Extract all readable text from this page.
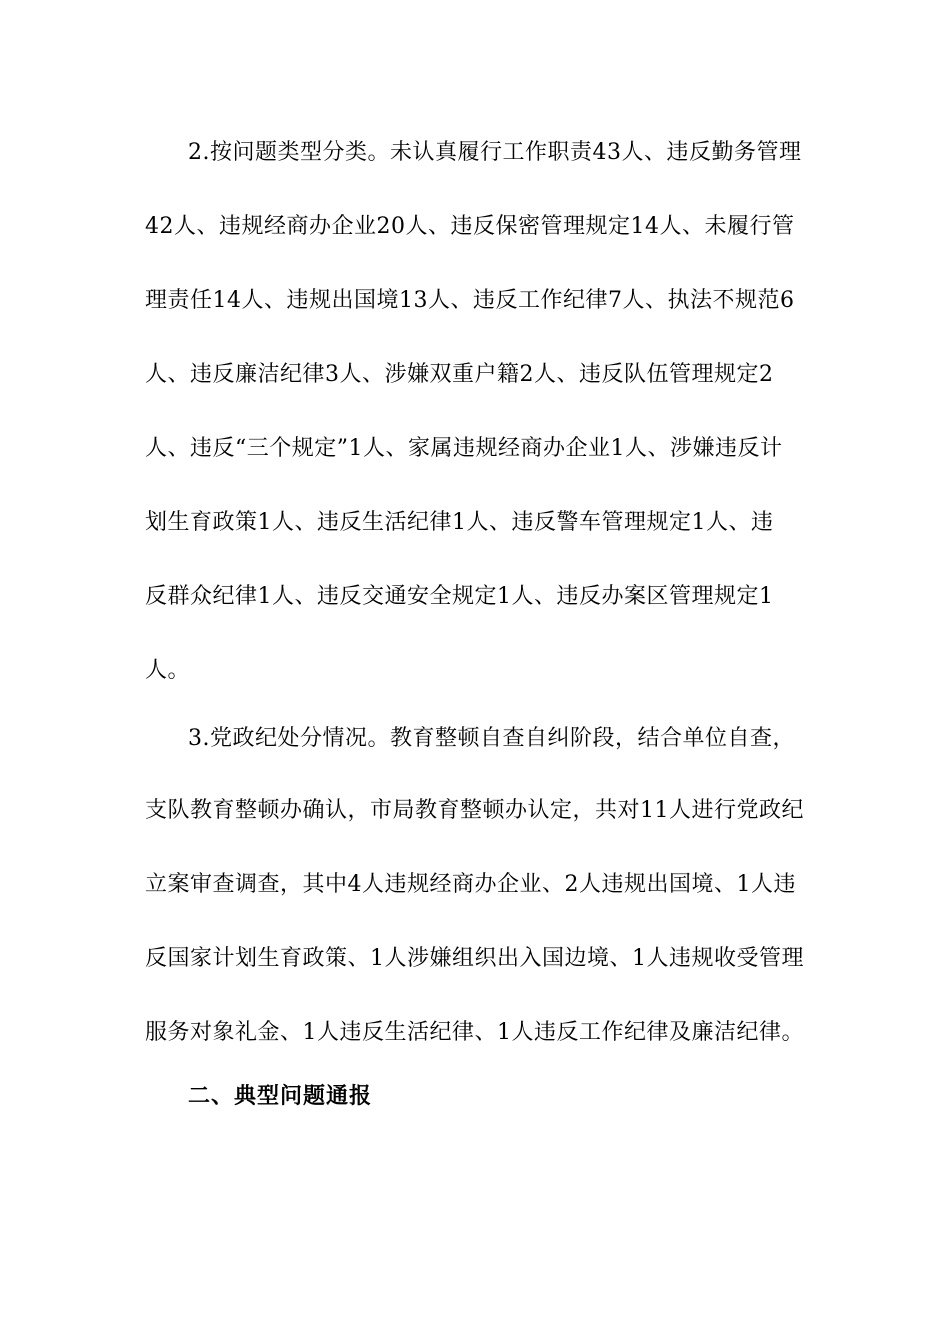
2.按问题类型分类。未认真履行工作职责43人、违反勤务管理
42人、违规经商办企业20人、违反保密管理规定14人、未履行管
理责任14人、违规出国境13人、违反工作纪律7人、执法不规范6
人、违反廉洁纪律3人、涉嫌双重户籍2人、违反队伍管理规定2
人、违反“三个规定”1人、家属违规经商办企业1人、涉嫌违反计
划生育政策1人、违反生活纪律1人、违反警车管理规定1人、违
反群众纪律1人、违反交通安全规定1人、违反办案区管理规定1
人。
3.党政纪处分情况。教育整顿自查自纠阶段，结合单位自查，
支队教育整顿办确认，市局教育整顿办认定，共对11人进行党政纪
立案审查调查，其中4人违规经商办企业、2人违规出国境、1人违
反国家计划生育政策、1人涉嫌组织出入国边境、1人违规收受管理
服务对象礼金、1人违反生活纪律、1人违反工作纪律及廉洁纪律。
二、典型问题通报
